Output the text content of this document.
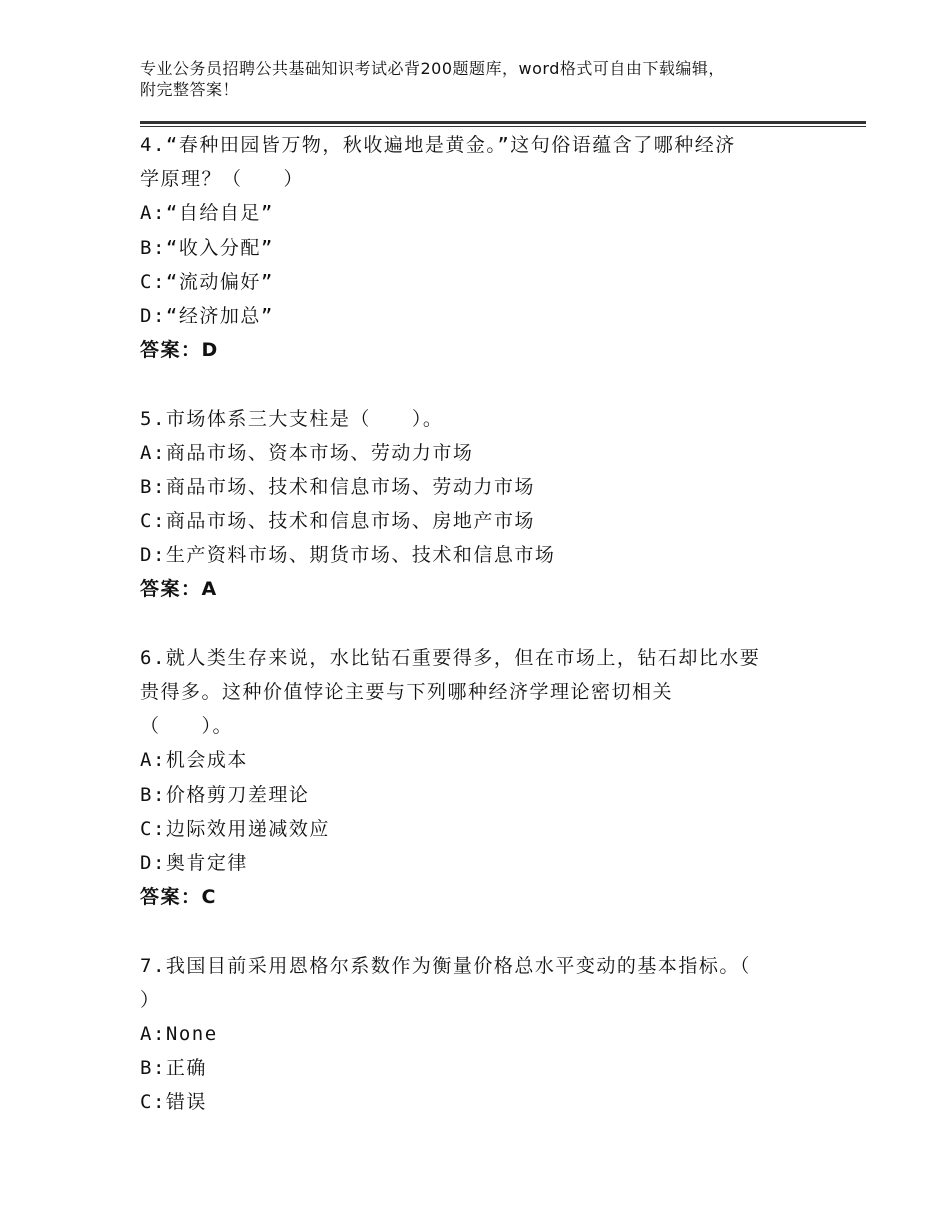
专业公务员招聘公共基础知识考试必背200题题库，word格式可自由下载编辑，
附完整答案！
4.“春种田园皆万物，秋收遍地是黄金。”这句俗语蕴含了哪种经济
学原理？（　　）
A:“自给自足”
B:“收入分配”
C:“流动偏好”
D:“经济加总”
答案：D
5.市场体系三大支柱是（　　）。
A:商品市场、资本市场、劳动力市场
B:商品市场、技术和信息市场、劳动力市场
C:商品市场、技术和信息市场、房地产市场
D:生产资料市场、期货市场、技术和信息市场
答案：A
6.就人类生存来说，水比钻石重要得多，但在市场上，钻石却比水要
贵得多。这种价值悖论主要与下列哪种经济学理论密切相关
（　　）。
A:机会成本
B:价格剪刀差理论
C:边际效用递减效应
D:奥肯定律
答案：C
7.我国目前采用恩格尔系数作为衡量价格总水平变动的基本指标。（
）
A:None
B:正确
C:错误
